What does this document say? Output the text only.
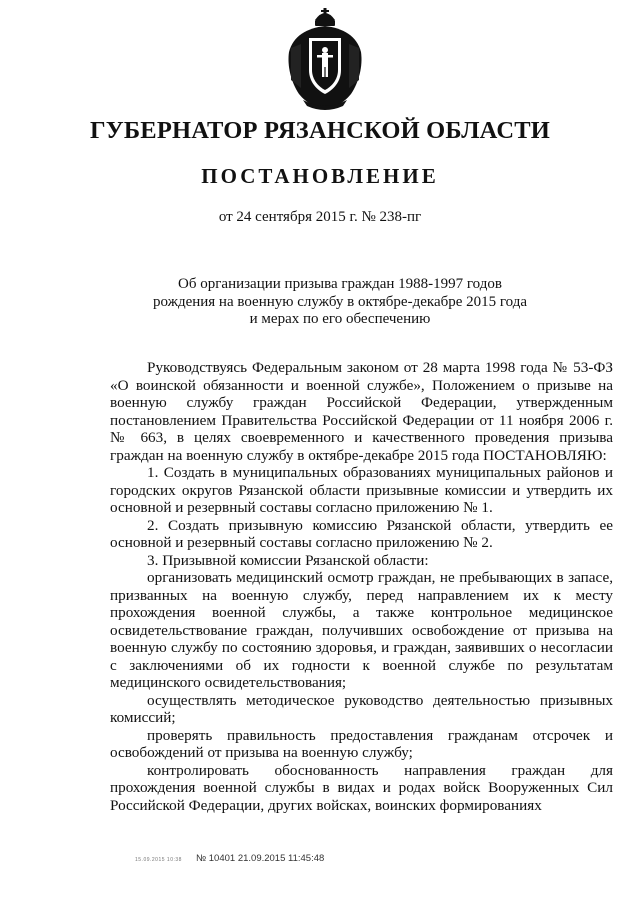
ГУБЕРНАТОР РЯЗАНСКОЙ ОБЛАСТИ
ПОСТАНОВЛЕНИЕ
от 24 сентября 2015 г. № 238-пг
Об организации призыва граждан 1988-1997 годов
рождения на военную службу в октябре-декабре 2015 года
и мерах по его обеспечению
Руководствуясь Федеральным законом от 28 марта 1998 года № 53-ФЗ «О воинской обязанности и военной службе», Положением о призыве на военную службу граждан Российской Федерации, утвержденным постановлением Правительства Российской Федерации от 11 ноября 2006 г. № 663, в целях своевременного и качественного проведения призыва граждан на военную службу в октябре-декабре 2015 года ПОСТАНОВЛЯЮ:
1. Создать в муниципальных образованиях муниципальных районов и городских округов Рязанской области призывные комиссии и утвердить их основной и резервный составы согласно приложению № 1.
2. Создать призывную комиссию Рязанской области, утвердить ее основной и резервный составы согласно приложению № 2.
3. Призывной комиссии Рязанской области:
организовать медицинский осмотр граждан, не пребывающих в запасе, призванных на военную службу, перед направлением их к месту прохождения военной службы, а также контрольное медицинское освидетельствование граждан, получивших освобождение от призыва на военную службу по состоянию здоровья, и граждан, заявивших о несогласии с заключениями об их годности к военной службе по результатам медицинского освидетельствования;
осуществлять методическое руководство деятельностью призывных комиссий;
проверять правильность предоставления гражданам отсрочек и освобождений от призыва на военную службу;
контролировать обоснованность направления граждан для прохождения военной службы в видах и родах войск Вооруженных Сил Российской Федерации, других войсках, воинских формированиях
15.09.2015 10:38 № 10401 21.09.2015 11:45:48
